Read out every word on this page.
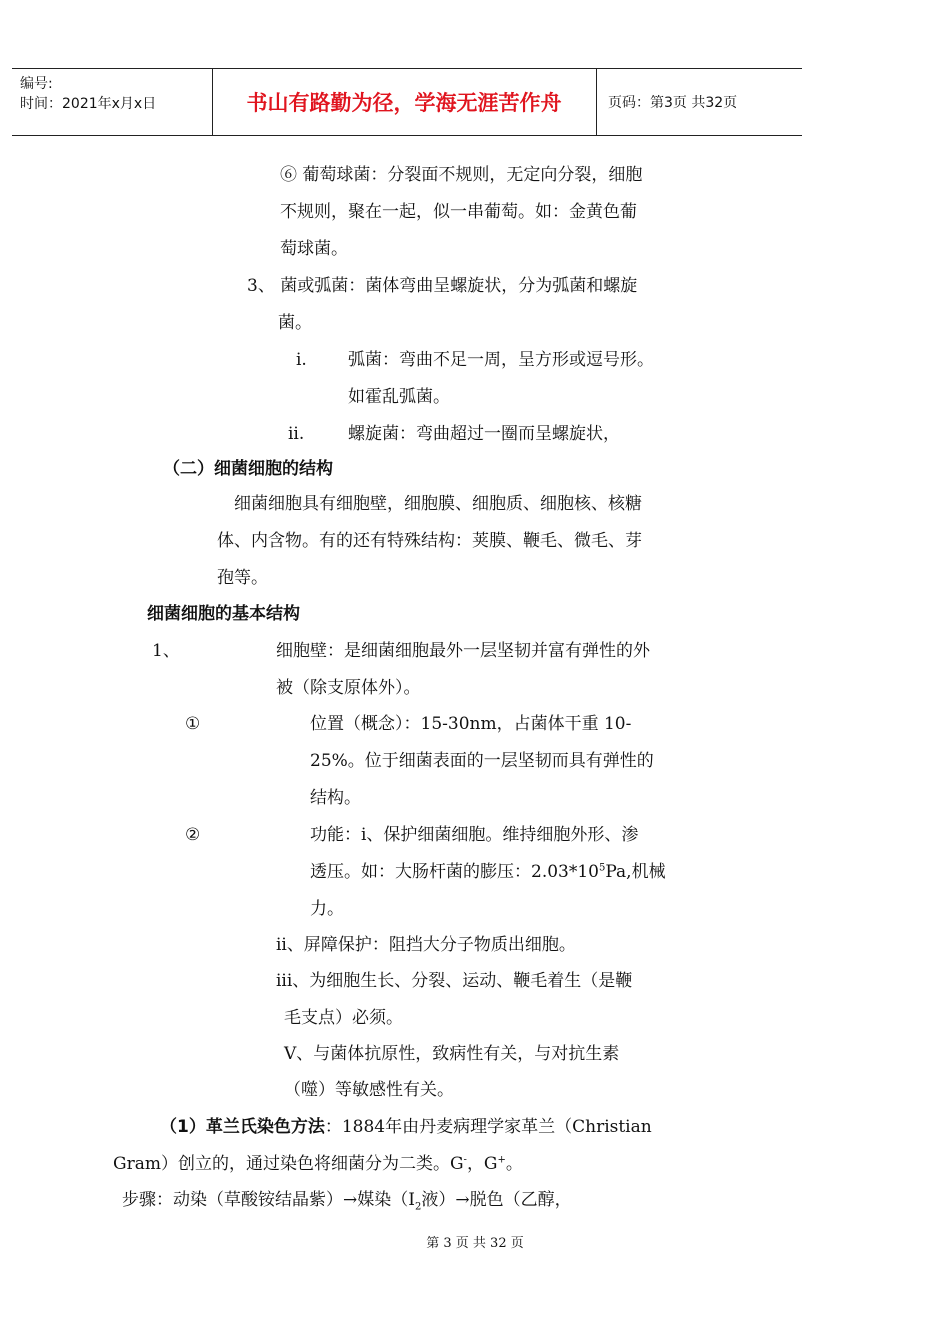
编号:
时间：2021年x月x日	书山有路勤为径，学海无涯苦作舟	页码：第3页 共32页
⑥ 葡萄球菌：分裂面不规则，无定向分裂，细胞
不规则，聚在一起，似一串葡萄。如：金黄色葡
萄球菌。
3、 菌或弧菌：菌体弯曲呈螺旋状，分为弧菌和螺旋
菌。
i. 弧菌：弯曲不足一周，呈方形或逗号形。
如霍乱弧菌。
ii.	螺旋菌：弯曲超过一圈而呈螺旋状，
（二）细菌细胞的结构
细菌细胞具有细胞壁，细胞膜、细胞质、细胞核、核糖
体、内含物。有的还有特殊结构：荚膜、鞭毛、微毛、芽
孢等。
细菌细胞的基本结构
1、	细胞壁：是细菌细胞最外一层坚韧并富有弹性的外
被（除支原体外）。
①	位置（概念）：15-30nm，占菌体干重 10-
25%。位于细菌表面的一层坚韧而具有弹性的
结构。
②	功能：i、保护细菌细胞。维持细胞外形、渗
透压。如：大肠杆菌的膨压：$2.03*10^5Pa$,机械
力。
ii、屏障保护：阻挡大分子物质出细胞。
iii、为细胞生长、分裂、运动、鞭毛着生（是鞭
毛支点）必须。
V、与菌体抗原性，致病性有关，与对抗生素
（噬）等敏感性有关。
（1）革兰氏染色方法：1884年由丹麦病理学家革兰（Christian
Gram）创立的，通过染色将细菌分为二类。G-，G+。
步骤：动染（草酸铵结晶紫）→媒染（$I_2$液）→脱色（乙醇，
第 3 页 共 32 页
